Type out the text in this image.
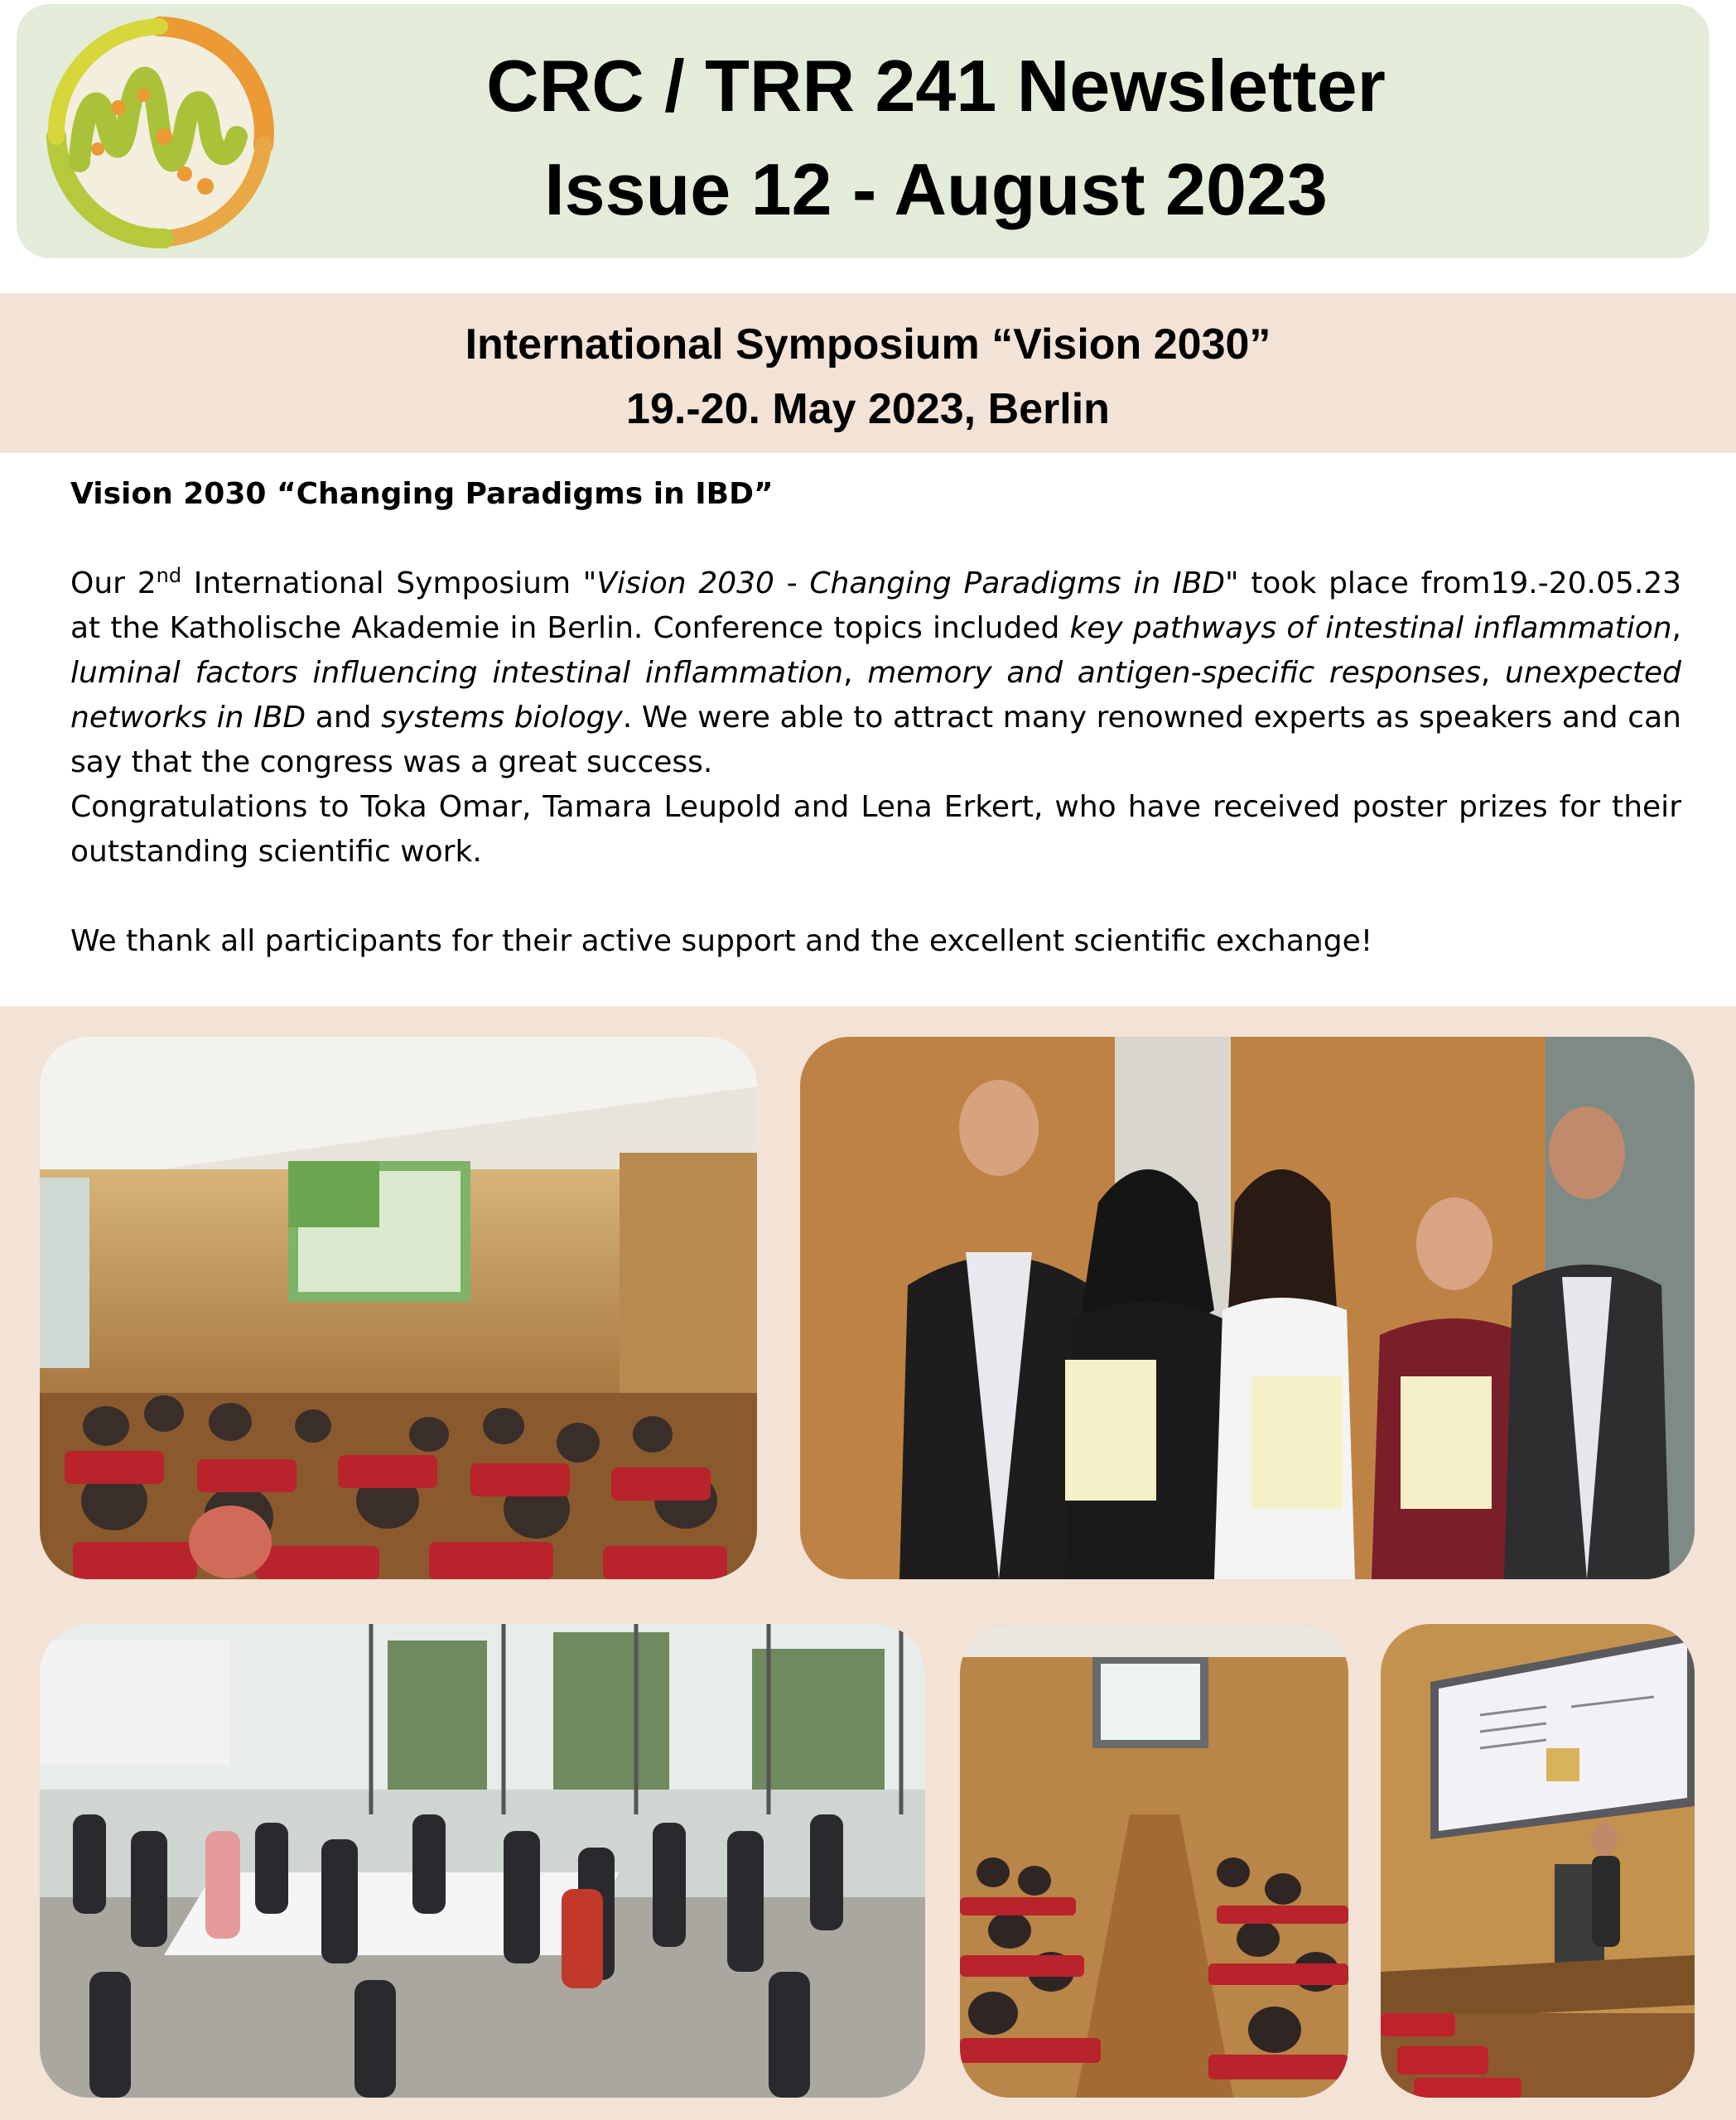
CRC / TRR 241 Newsletter
Issue 12 - August 2023
International Symposium “Vision 2030”
19.-20. May 2023, Berlin
Vision 2030 “Changing Paradigms in IBD”

Our 2nd International Symposium "Vision 2030 - Changing Paradigms in IBD" took place from19.-20.05.23 at the Katholische Akademie in Berlin. Conference topics included key pathways of intestinal inflammation, luminal factors influencing intestinal inflammation, memory and antigen-specific responses, unexpected networks in IBD and systems biology. We were able to attract many renowned experts as speakers and can say that the congress was a great success.

Congratulations to Toka Omar, Tamara Leupold and Lena Erkert, who have received poster prizes for their outstanding scientific work.

We thank all participants for their active support and the excellent scientific exchange!
